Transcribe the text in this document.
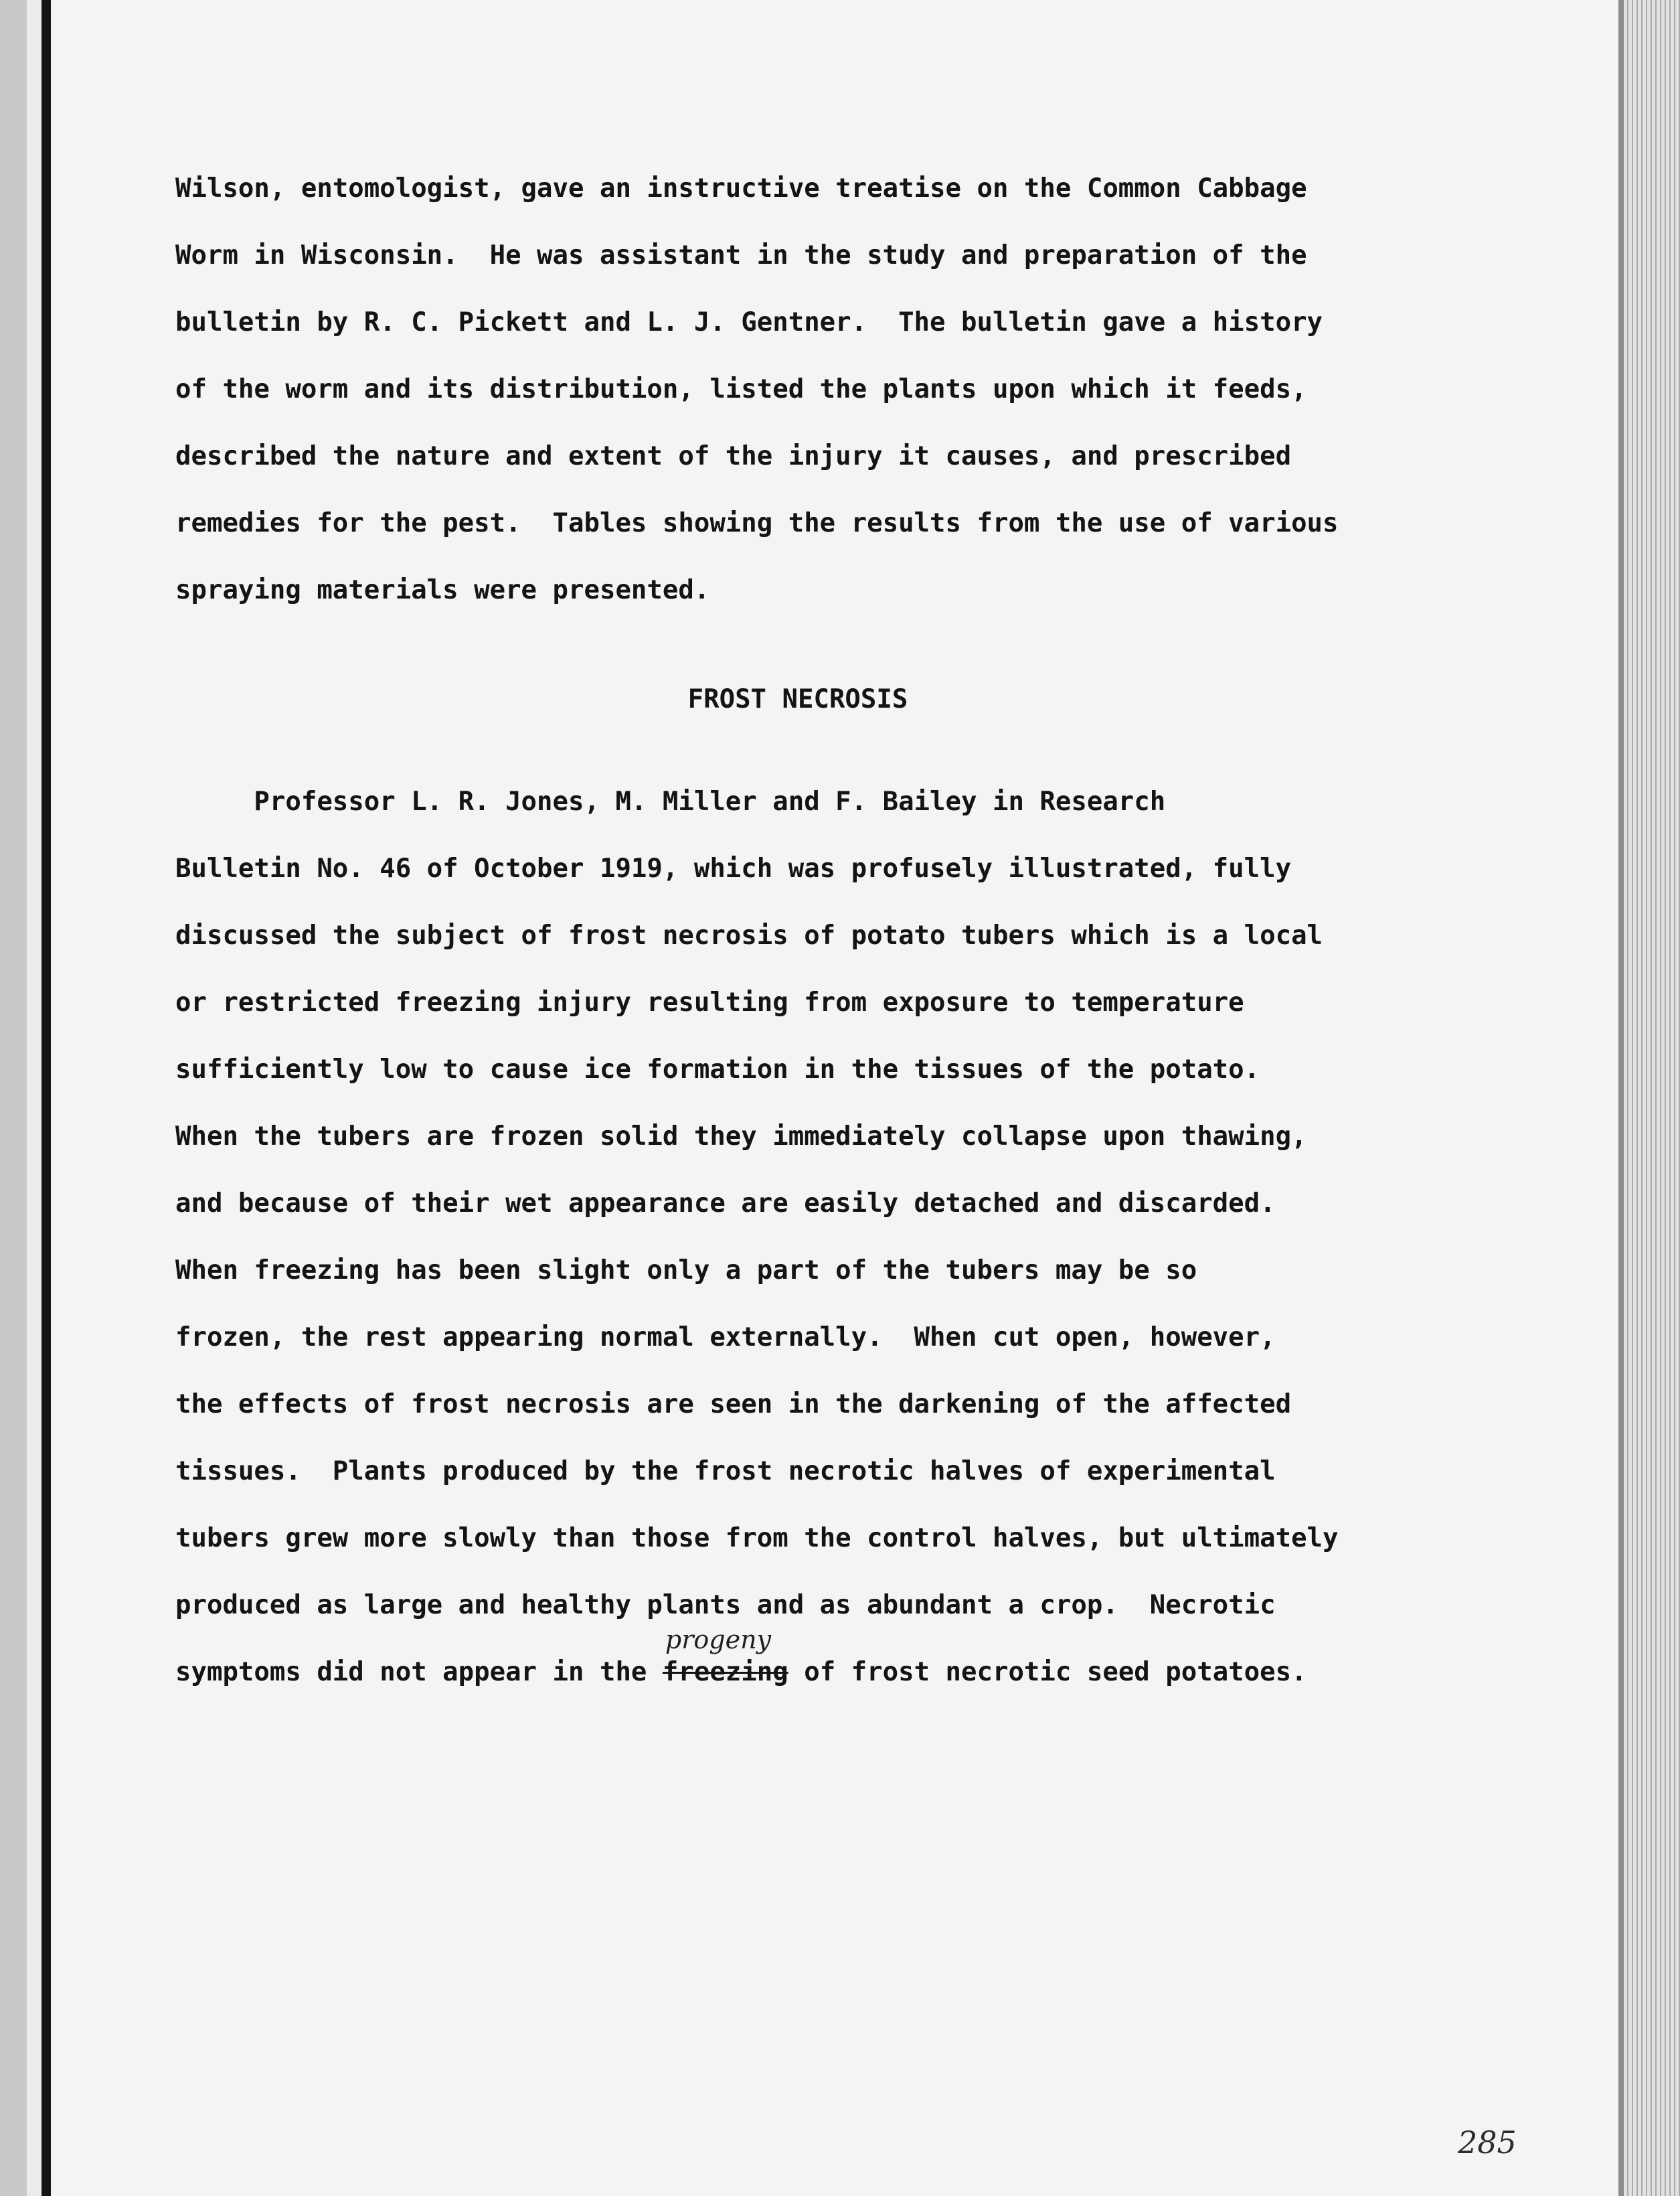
Wilson, entomologist, gave an instructive treatise on the Common Cabbage
Worm in Wisconsin.  He was assistant in the study and preparation of the
bulletin by R. C. Pickett and L. J. Gentner.  The bulletin gave a history
of the worm and its distribution, listed the plants upon which it feeds,
described the nature and extent of the injury it causes, and prescribed
remedies for the pest.  Tables showing the results from the use of various
spraying materials were presented.
FROST NECROSIS
Professor L. R. Jones, M. Miller and F. Bailey in Research
Bulletin No. 46 of October 1919, which was profusely illustrated, fully
discussed the subject of frost necrosis of potato tubers which is a local
or restricted freezing injury resulting from exposure to temperature
sufficiently low to cause ice formation in the tissues of the potato.
When the tubers are frozen solid they immediately collapse upon thawing,
and because of their wet appearance are easily detached and discarded.
When freezing has been slight only a part of the tubers may be so
frozen, the rest appearing normal externally.  When cut open, however,
the effects of frost necrosis are seen in the darkening of the affected
tissues.  Plants produced by the frost necrotic halves of experimental
tubers grew more slowly than those from the control halves, but ultimately
produced as large and healthy plants and as abundant a crop.  Necrotic
symptoms did not appear in the freezing
progeny
of frost necrotic seed potatoes.
285
